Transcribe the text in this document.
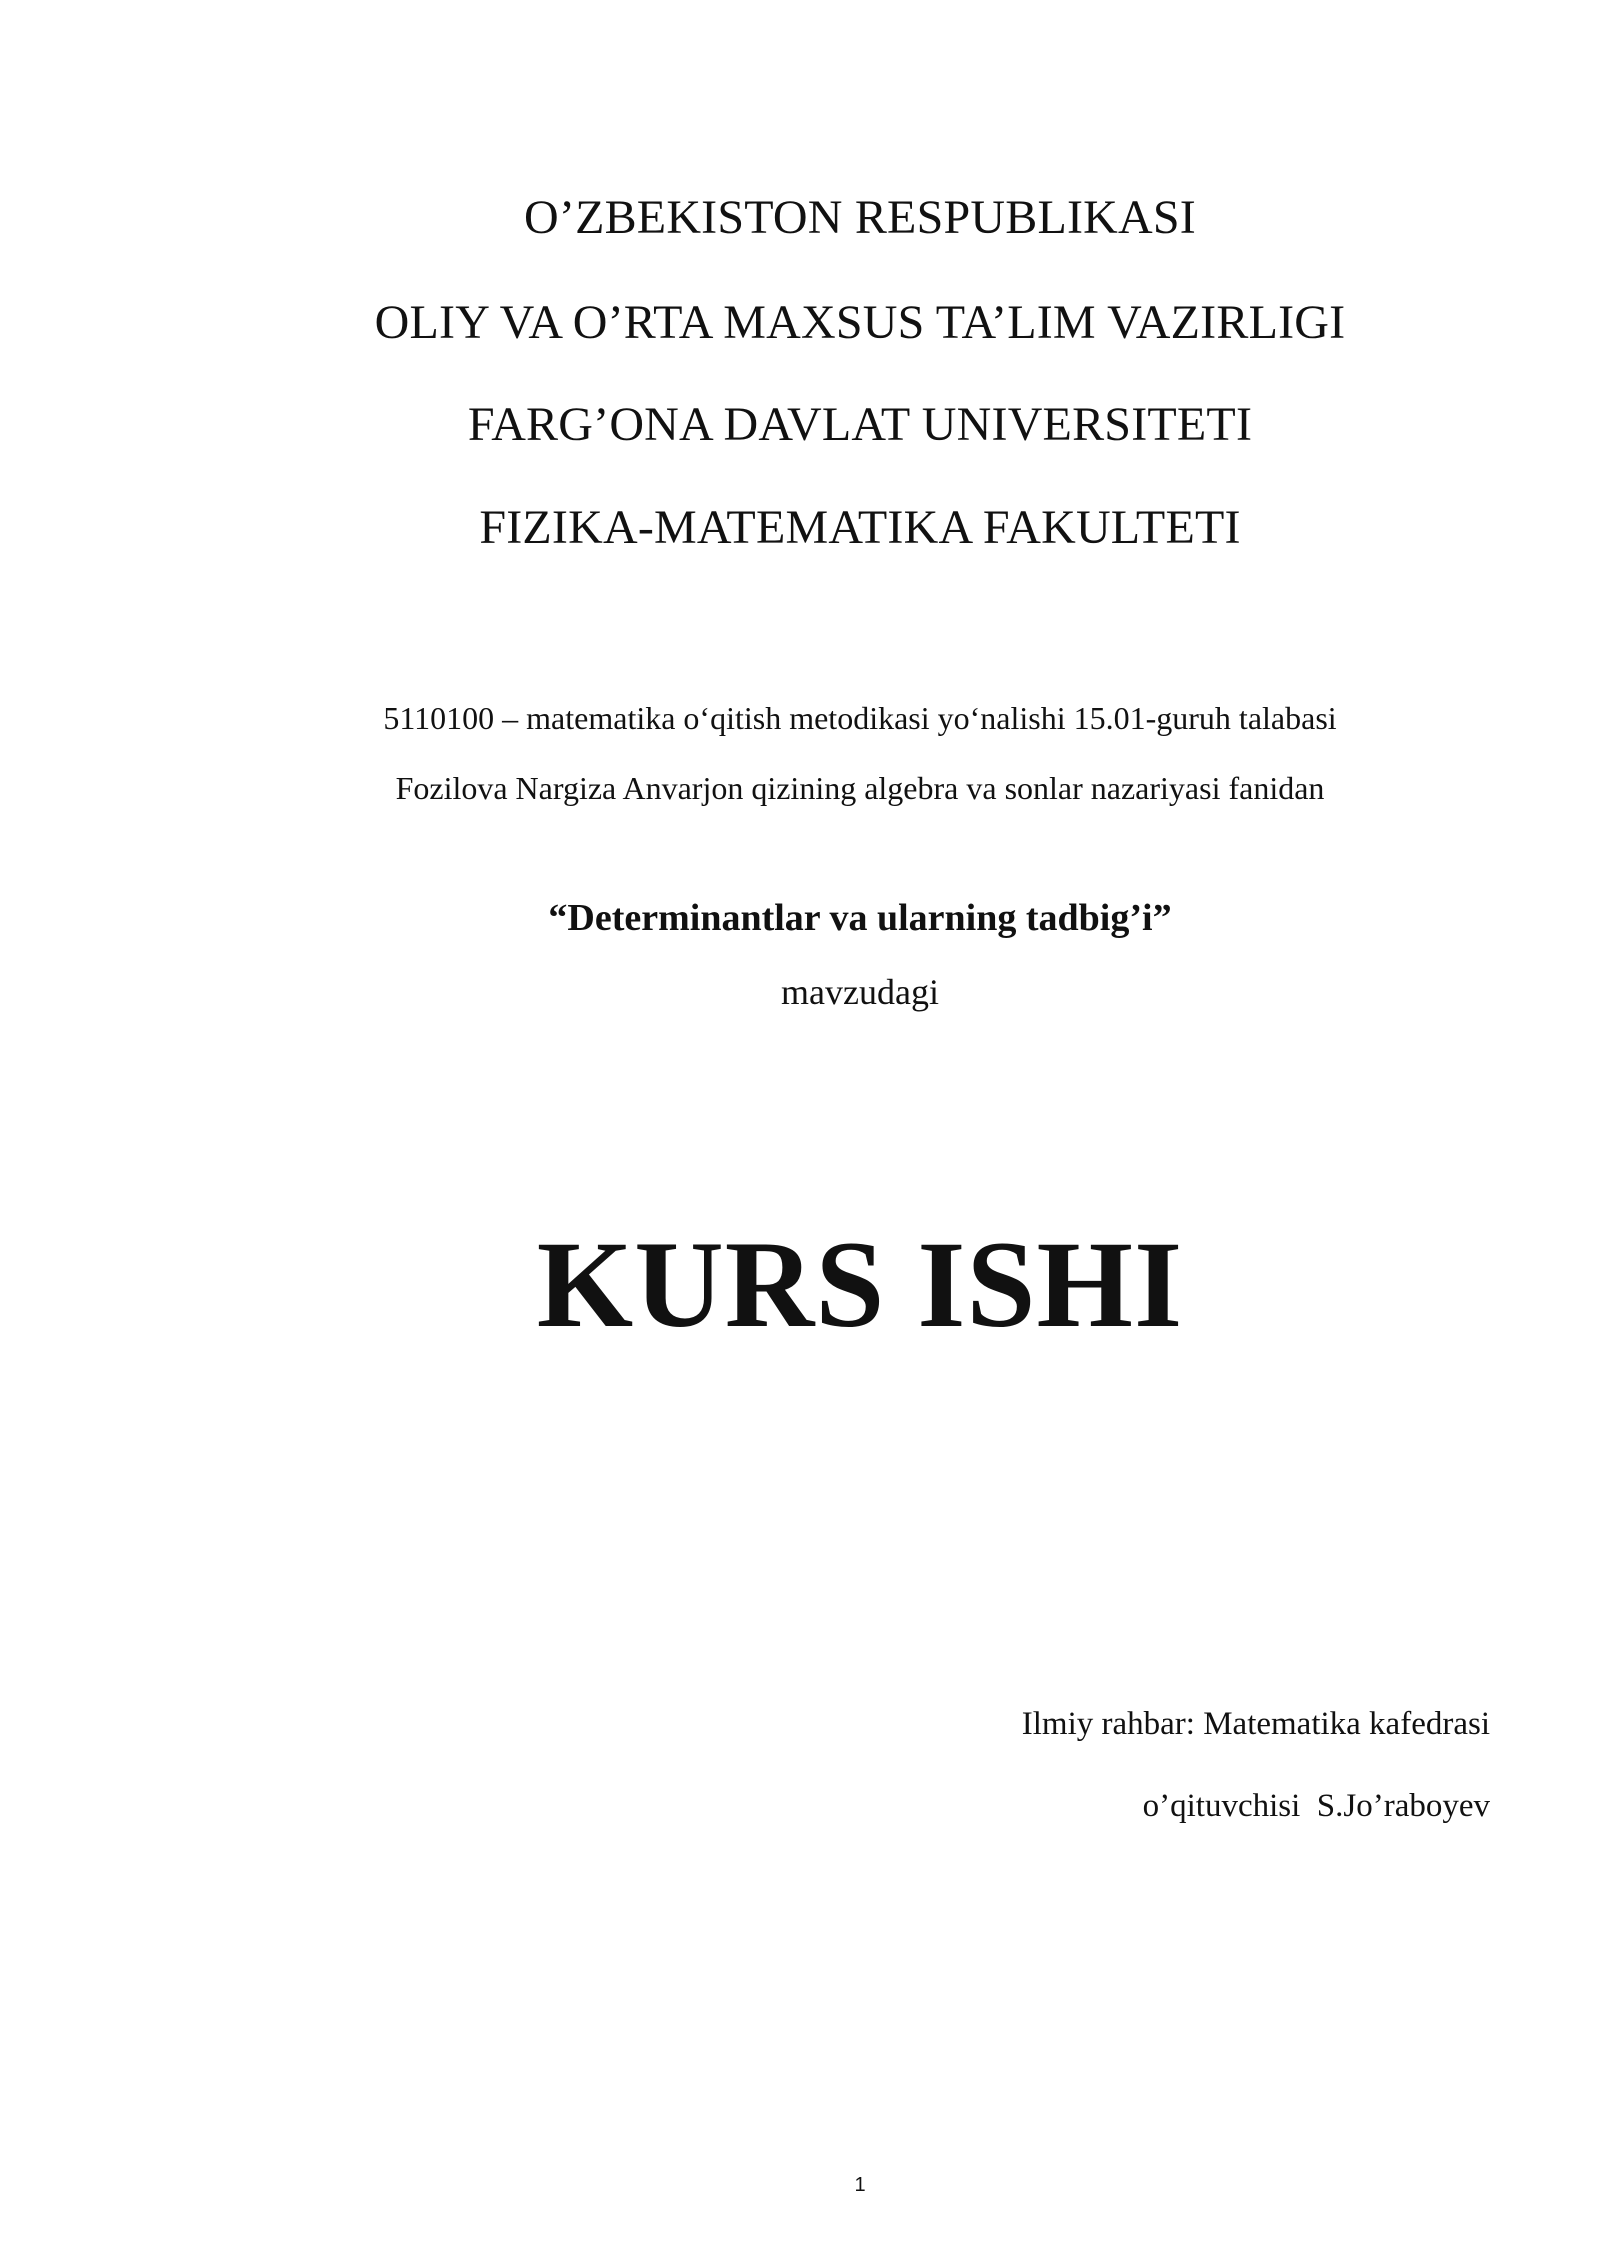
O’ZBEKISTON RESPUBLIKASI
OLIY VA O’RTA MAXSUS TA’LIM VAZIRLIGI
FARG’ONA DAVLAT UNIVERSITETI
FIZIKA-MATEMATIKA FAKULTETI
5110100 – matematika o‘qitish metodikasi yo‘nalishi 15.01-guruh talabasi
Fozilova Nargiza Anvarjon qizining algebra va sonlar nazariyasi fanidan
“Determinantlar va ularning tadbig’i”
mavzudagi
KURS ISHI
Ilmiy rahbar: Matematika kafedrasi
o’qituvchisi  S.Jo’raboyev
1
